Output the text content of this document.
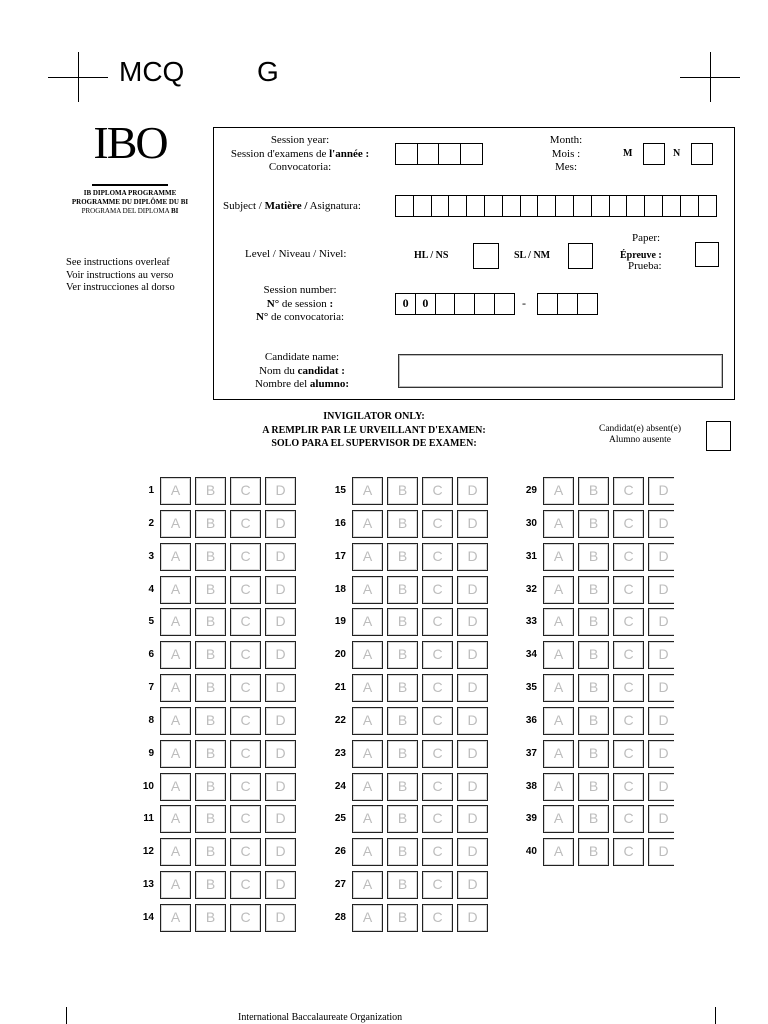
MCQ	G
IBO
IB DIPLOMA PROGRAMME
PROGRAMME DU DIPLÔME DU BI
PROGRAMA DEL DIPLOMA BI
See instructions overleaf
Voir instructions au verso
Ver instrucciones al dorso
Session year:
Session d'examens de l'année :
Convocatoria:
Month:
Mois :
Mes:
M	N
Subject / Matière / Asignatura:
Level / Niveau / Nivel:	HL / NS	SL / NM
Paper:
Épreuve :
Prueba:
Session number:
N° de session :
N° de convocatoria:
0	0	-
Candidate name:
Nom du candidat :
Nombre del alumno:
INVIGILATOR ONLY:
A REMPLIR PAR LE URVEILLANT D'EXAMEN:
SOLO PARA EL SUPERVISOR DE EXAMEN:
Candidat(e) absent(e)
Alumno ausente
1	A	B	C	D
2	A	B	C	D
3	A	B	C	D
4	A	B	C	D
5	A	B	C	D
6	A	B	C	D
7	A	B	C	D
8	A	B	C	D
9	A	B	C	D
10	A	B	C	D
11	A	B	C	D
12	A	B	C	D
13	A	B	C	D
14	A	B	C	D
15	A	B	C	D
16	A	B	C	D
17	A	B	C	D
18	A	B	C	D
19	A	B	C	D
20	A	B	C	D
21	A	B	C	D
22	A	B	C	D
23	A	B	C	D
24	A	B	C	D
25	A	B	C	D
26	A	B	C	D
27	A	B	C	D
28	A	B	C	D
29	A	B	C	D
30	A	B	C	D
31	A	B	C	D
32	A	B	C	D
33	A	B	C	D
34	A	B	C	D
35	A	B	C	D
36	A	B	C	D
37	A	B	C	D
38	A	B	C	D
39	A	B	C	D
40	A	B	C	D
International Baccalaureate Organization
